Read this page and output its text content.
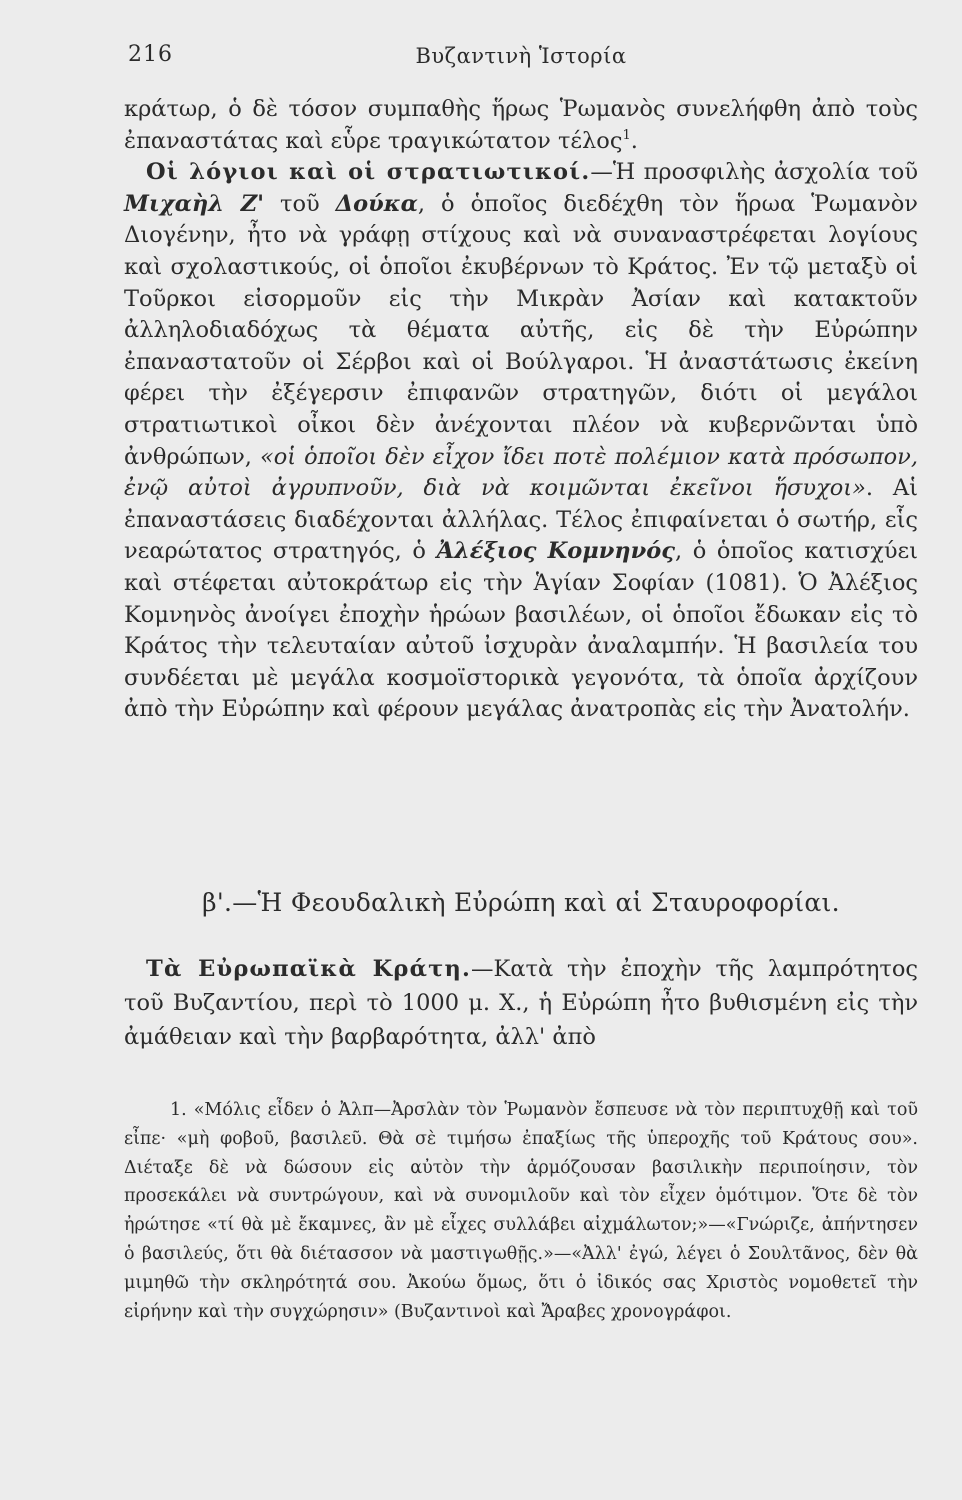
216	Βυζαντινὴ Ἱστορία

κράτωρ, ὁ δὲ τόσον συμπαθὴς ἥρως Ῥωμανὸς συνελήφθη ἀπὸ τοὺς ἐπαναστάτας καὶ εὗρε τραγικώτατον τέλος$^1$.

Οἱ λόγιοι καὶ οἱ στρατιωτικοί.—Ἡ προσφιλὴς ἀσχολία τοῦ Μιχαὴλ Ζ' τοῦ Δούκα, ὁ ὁποῖος διεδέχθη τὸν ἥρωα Ῥωμανὸν Διογένην, ἦτο νὰ γράφῃ στίχους καὶ νὰ συναναστρέφεται λογίους καὶ σχολαστικούς, οἱ ὁποῖοι ἐκυβέρνων τὸ Κράτος. Ἐν τῷ μεταξὺ οἱ Τοῦρκοι εἰσορμοῦν εἰς τὴν Μικρὰν Ἀσίαν καὶ κατακτοῦν ἀλληλοδιαδόχως τὰ θέματα αὐτῆς, εἰς δὲ τὴν Εὐρώπην ἐπαναστατοῦν οἱ Σέρβοι καὶ οἱ Βούλγαροι. Ἡ ἀναστάτωσις ἐκείνη φέρει τὴν ἐξέγερσιν ἐπιφανῶν στρατηγῶν, διότι οἱ μεγάλοι στρατιωτικοὶ οἶκοι δὲν ἀνέχονται πλέον νὰ κυβερνῶνται ὑπὸ ἀνθρώπων, «οἱ ὁποῖοι δὲν εἶχον ἴδει ποτὲ πολέμιον κατὰ πρόσωπον, ἐνῷ αὐτοὶ ἀγρυπνοῦν, διὰ νὰ κοιμῶνται ἐκεῖνοι ἥσυχοι». Αἱ ἐπαναστάσεις διαδέχονται ἀλλήλας. Τέλος ἐπιφαίνεται ὁ σωτήρ, εἷς νεαρώτατος στρατηγός, ὁ Ἀλέξιος Κομνηνός, ὁ ὁποῖος κατισχύει καὶ στέφεται αὐτοκράτωρ εἰς τὴν Ἁγίαν Σοφίαν (1081). Ὁ Ἀλέξιος Κομνηνὸς ἀνοίγει ἐποχὴν ἡρώων βασιλέων, οἱ ὁποῖοι ἔδωκαν εἰς τὸ Κράτος τὴν τελευταίαν αὐτοῦ ἰσχυρὰν ἀναλαμπήν. Ἡ βασιλεία του συνδέεται μὲ μεγάλα κοσμοϊστορικὰ γεγονότα, τὰ ὁποῖα ἀρχίζουν ἀπὸ τὴν Εὐρώπην καὶ φέρουν μεγάλας ἀνατροπὰς εἰς τὴν Ἀνατολήν.

β'.—Ἡ Φεουδαλικὴ Εὐρώπη καὶ αἱ Σταυροφορίαι.

Τὰ Εὐρωπαϊκὰ Κράτη.—Κατὰ τὴν ἐποχὴν τῆς λαμπρότητος τοῦ Βυζαντίου, περὶ τὸ 1000 μ. Χ., ἡ Εὐρώπη ἦτο βυθισμένη εἰς τὴν ἀμάθειαν καὶ τὴν βαρβαρότητα, ἀλλ' ἀπὸ

1. «Μόλις εἶδεν ὁ Ἀλπ—Ἀρσλὰν τὸν Ῥωμανὸν ἔσπευσε νὰ τὸν περιπτυχθῇ καὶ τοῦ εἶπε· «μὴ φοβοῦ, βασιλεῦ. Θὰ σὲ τιμήσω ἐπαξίως τῆς ὑπεροχῆς τοῦ Κράτους σου». Διέταξε δὲ νὰ δώσουν εἰς αὐτὸν τὴν ἁρμόζουσαν βασιλικὴν περιποίησιν, τὸν προσεκάλει νὰ συντρώγουν, καὶ νὰ συνομιλοῦν καὶ τὸν εἶχεν ὁμότιμον. Ὅτε δὲ τὸν ἠρώτησε «τί θὰ μὲ ἔκαμνες, ἂν μὲ εἶχες συλλάβει αἰχμάλωτον;»—«Γνώριζε, ἀπήντησεν ὁ βασιλεύς, ὅτι θὰ διέτασσον νὰ μαστιγωθῇς.»—«Ἀλλ' ἐγώ, λέγει ὁ Σουλτᾶνος, δὲν θὰ μιμηθῶ τὴν σκληρότητά σου. Ἀκούω ὅμως, ὅτι ὁ ἰδικός σας Χριστὸς νομοθετεῖ τὴν εἰρήνην καὶ τὴν συγχώρησιν» (Βυζαντινοὶ καὶ Ἄραβες χρονογράφοι.
